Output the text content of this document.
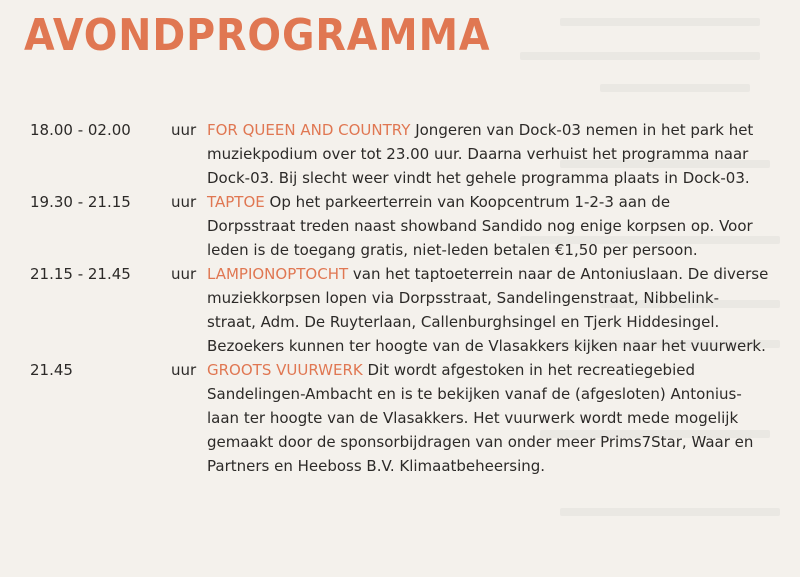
AVONDPROGRAMMA
18.00 - 02.00	uur FOR QUEEN AND COUNTRY Jongeren van Dock-03 nemen in het park het
muziekpodium over tot 23.00 uur. Daarna verhuist het programma naar
Dock-03. Bij slecht weer vindt het gehele programma plaats in Dock-03.
19.30 - 21.15	uur TAPTOE Op het parkeerterrein van Koopcentrum 1-2-3 aan de
Dorpsstraat treden naast showband Sandido nog enige korpsen op. Voor
leden is de toegang gratis, niet-leden betalen €1,50 per persoon.
21.15 - 21.45	uur LAMPIONOPTOCHT van het taptoeterrein naar de Antoniuslaan. De diverse
muziekkorpsen lopen via Dorpsstraat, Sandelingenstraat, Nibbelink-
straat, Adm. De Ruyterlaan, Callenburghsingel en Tjerk Hiddesingel.
Bezoekers kunnen ter hoogte van de Vlasakkers kijken naar het vuurwerk.
21.45	uur GROOTS VUURWERK Dit wordt afgestoken in het recreatiegebied
Sandelingen-Ambacht en is te bekijken vanaf de (afgesloten) Antonius-
laan ter hoogte van de Vlasakkers. Het vuurwerk wordt mede mogelijk
gemaakt door de sponsorbijdragen van onder meer Prims7Star, Waar en
Partners en Heeboss B.V. Klimaatbeheersing.
